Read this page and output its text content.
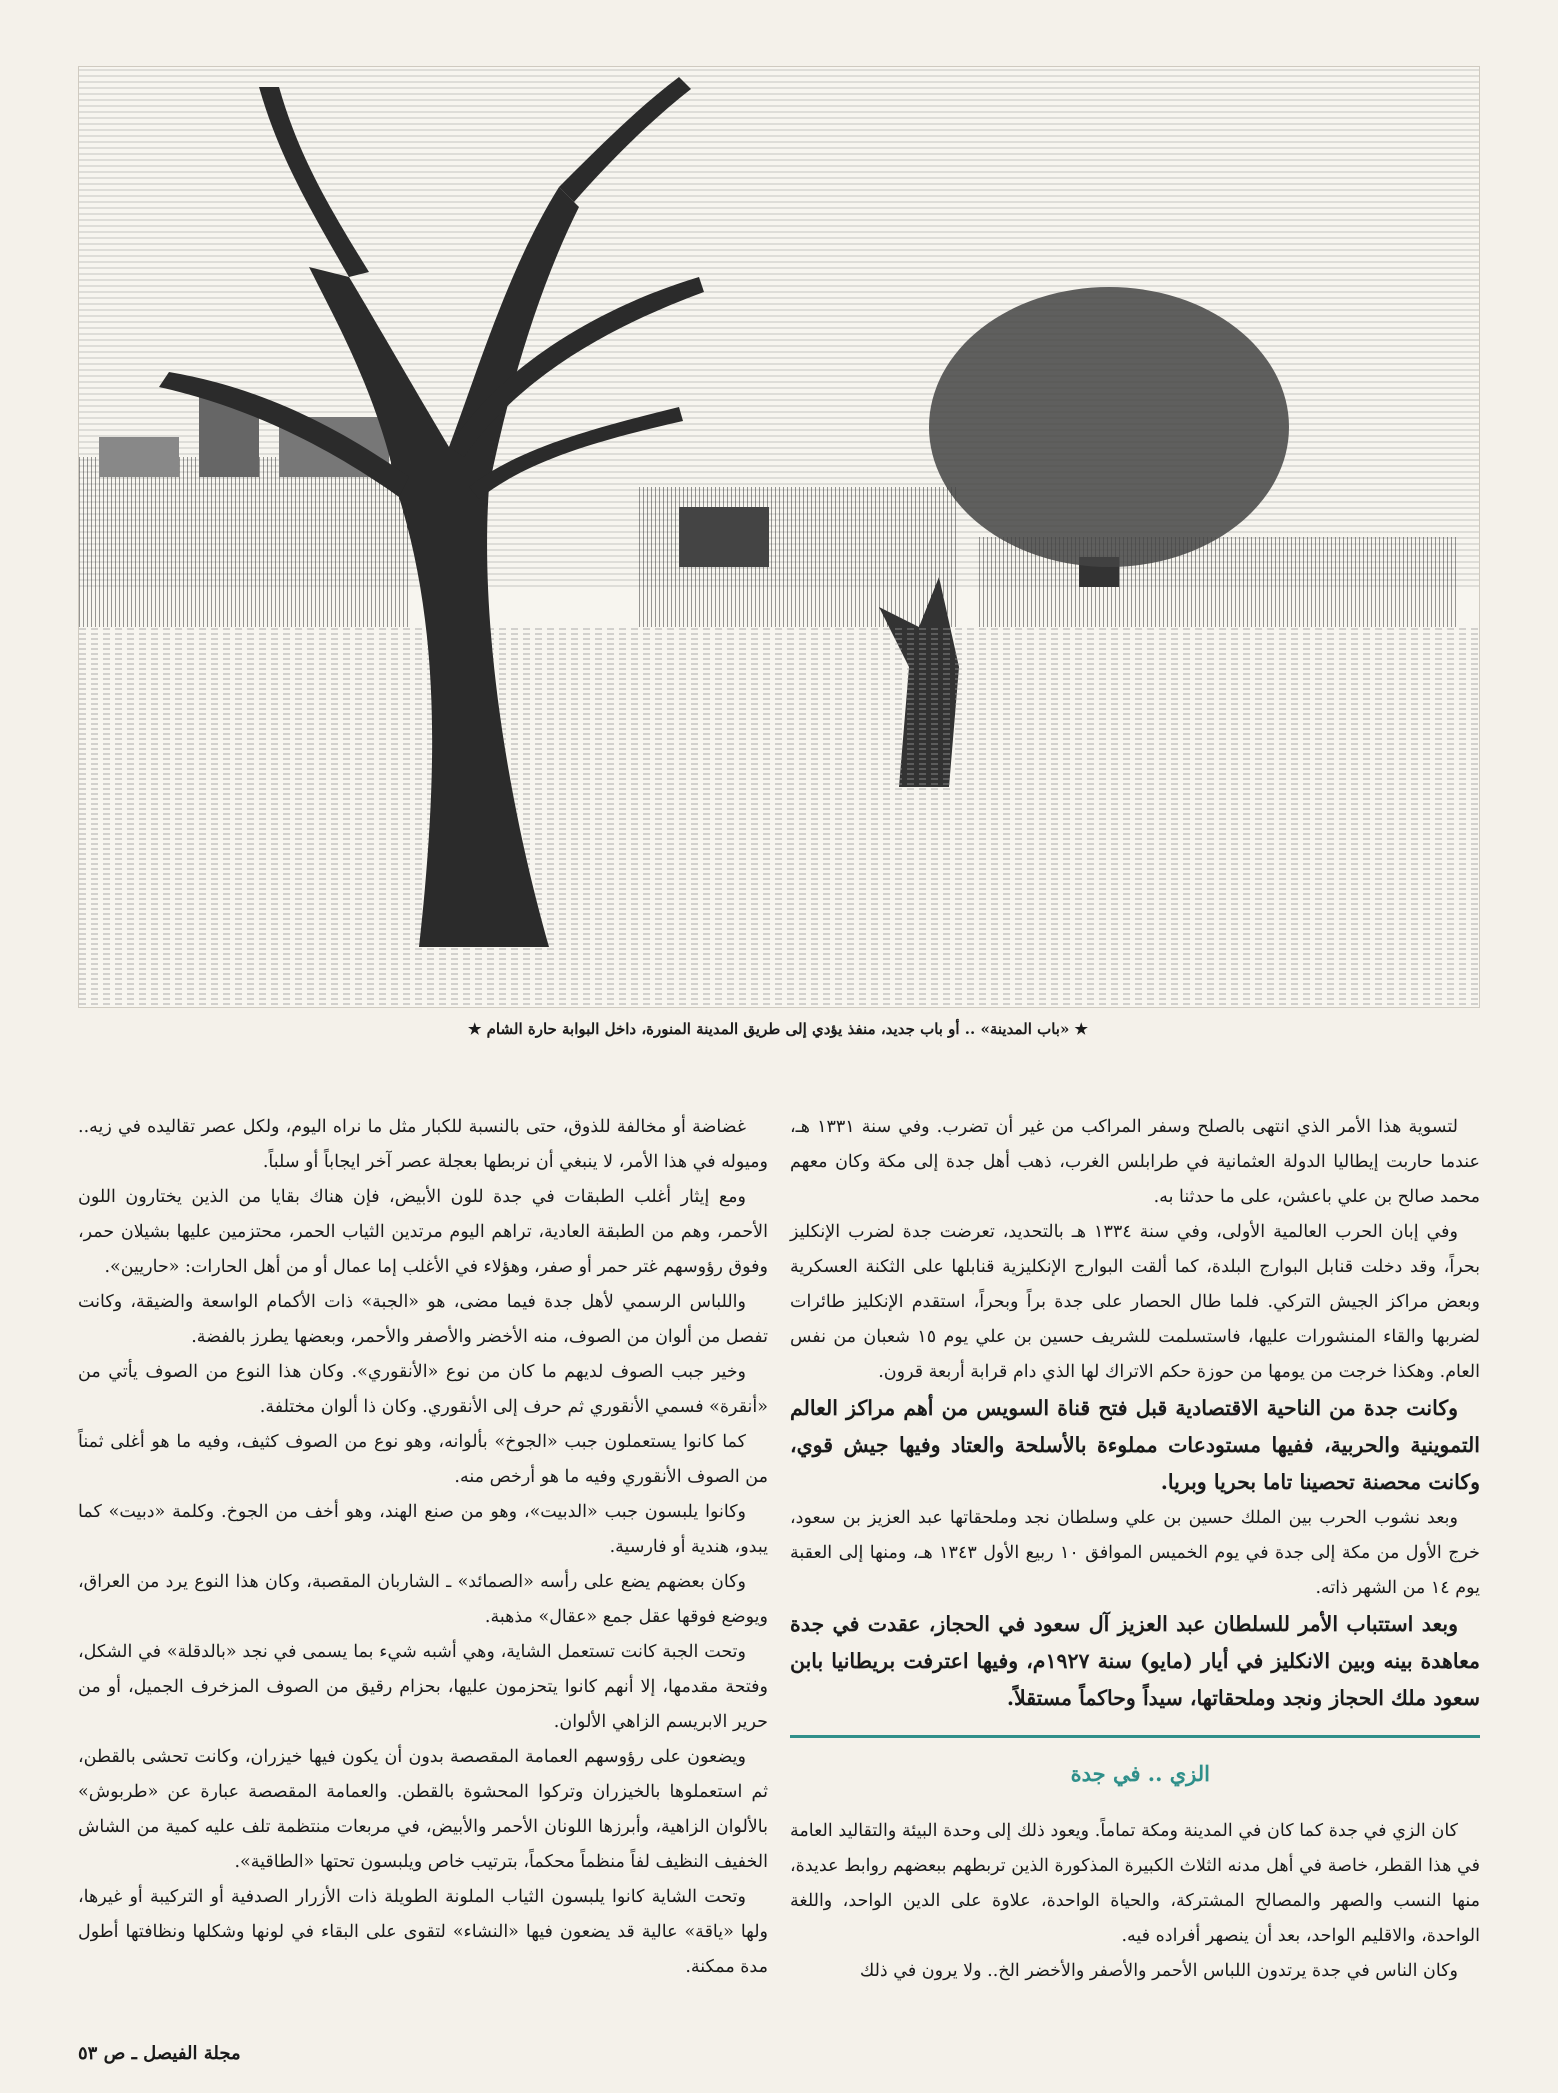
★ «باب المدينة» .. أو باب جديد، منفذ يؤدي إلى طريق المدينة المنورة، داخل البوابة حارة الشام ★

لتسوية هذا الأمر الذي انتهى بالصلح وسفر المراكب من غير أن تضرب. وفي سنة ١٣٣١ هـ، عندما حاربت إيطاليا الدولة العثمانية في طرابلس الغرب، ذهب أهل جدة إلى مكة وكان معهم محمد صالح بن علي باعشن، على ما حدثنا به.

وفي إبان الحرب العالمية الأولى، وفي سنة ١٣٣٤ هـ بالتحديد، تعرضت جدة لضرب الإنكليز بحراً، وقد دخلت قنابل البوارج البلدة، كما ألقت البوارج الإنكليزية قنابلها على الثكنة العسكرية وبعض مراكز الجيش التركي. فلما طال الحصار على جدة براً وبحراً، استقدم الإنكليز طائرات لضربها والقاء المنشورات عليها، فاستسلمت للشريف حسين بن علي يوم ١٥ شعبان من نفس العام. وهكذا خرجت من يومها من حوزة حكم الاتراك لها الذي دام قرابة أربعة قرون.

وكانت جدة من الناحية الاقتصادية قبل فتح قناة السويس من أهم مراكز العالم التموينية والحربية، ففيها مستودعات مملوءة بالأسلحة والعتاد وفيها جيش قوي، وكانت محصنة تحصينا تاما بحريا وبريا.

وبعد نشوب الحرب بين الملك حسين بن علي وسلطان نجد وملحقاتها عبد العزيز بن سعود، خرج الأول من مكة إلى جدة في يوم الخميس الموافق ١٠ ربيع الأول ١٣٤٣ هـ، ومنها إلى العقبة يوم ١٤ من الشهر ذاته.

وبعد استتباب الأمر للسلطان عبد العزيز آل سعود في الحجاز، عقدت في جدة معاهدة بينه وبين الانكليز في أيار (مايو) سنة ١٩٢٧م، وفيها اعترفت بريطانيا بابن سعود ملك الحجاز ونجد وملحقاتها، سيداً وحاكماً مستقلاً.

الزي .. في جدة

كان الزي في جدة كما كان في المدينة ومكة تماماً. ويعود ذلك إلى وحدة البيئة والتقاليد العامة في هذا القطر، خاصة في أهل مدنه الثلاث الكبيرة المذكورة الذين تربطهم ببعضهم روابط عديدة، منها النسب والصهر والمصالح المشتركة، والحياة الواحدة، علاوة على الدين الواحد، واللغة الواحدة، والاقليم الواحد، بعد أن ينصهر أفراده فيه.

وكان الناس في جدة يرتدون اللباس الأحمر والأصفر والأخضر الخ.. ولا يرون في ذلك

غضاضة أو مخالفة للذوق، حتى بالنسبة للكبار مثل ما نراه اليوم، ولكل عصر تقاليده في زيه.. وميوله في هذا الأمر، لا ينبغي أن نربطها بعجلة عصر آخر ايجاباً أو سلباً.

ومع إيثار أغلب الطبقات في جدة للون الأبيض، فإن هناك بقايا من الذين يختارون اللون الأحمر، وهم من الطبقة العادية، تراهم اليوم مرتدين الثياب الحمر، محتزمين عليها بشيلان حمر، وفوق رؤوسهم غتر حمر أو صفر، وهؤلاء في الأغلب إما عمال أو من أهل الحارات: «حاريين».

واللباس الرسمي لأهل جدة فيما مضى، هو «الجبة» ذات الأكمام الواسعة والضيقة، وكانت تفصل من ألوان من الصوف، منه الأخضر والأصفر والأحمر، وبعضها يطرز بالفضة.

وخير جبب الصوف لديهم ما كان من نوع «الأنقوري». وكان هذا النوع من الصوف يأتي من «أنقرة» فسمي الأنقوري ثم حرف إلى الأنقوري. وكان ذا ألوان مختلفة.

كما كانوا يستعملون جبب «الجوخ» بألوانه، وهو نوع من الصوف كثيف، وفيه ما هو أغلى ثمناً من الصوف الأنقوري وفيه ما هو أرخص منه.

وكانوا يلبسون جبب «الدبيت»، وهو من صنع الهند، وهو أخف من الجوخ. وكلمة «دبيت» كما يبدو، هندية أو فارسية.

وكان بعضهم يضع على رأسه «الصمائد» ـ الشاربان المقصبة، وكان هذا النوع يرد من العراق، ويوضع فوقها عقل جمع «عقال» مذهبة.

وتحت الجبة كانت تستعمل الشاية، وهي أشبه شيء بما يسمى في نجد «بالدقلة» في الشكل، وفتحة مقدمها، إلا أنهم كانوا يتحزمون عليها، بحزام رقيق من الصوف المزخرف الجميل، أو من حرير الابريسم الزاهي الألوان.

ويضعون على رؤوسهم العمامة المقصصة بدون أن يكون فيها خيزران، وكانت تحشى بالقطن، ثم استعملوها بالخيزران وتركوا المحشوة بالقطن. والعمامة المقصصة عبارة عن «طربوش» بالألوان الزاهية، وأبرزها اللونان الأحمر والأبيض، في مربعات منتظمة تلف عليه كمية من الشاش الخفيف النظيف لفاً منظماً محكماً، بترتيب خاص ويلبسون تحتها «الطاقية».

وتحت الشاية كانوا يلبسون الثياب الملونة الطويلة ذات الأزرار الصدفية أو التركيبة أو غيرها، ولها «ياقة» عالية قد يضعون فيها «النشاء» لتقوى على البقاء في لونها وشكلها ونظافتها أطول مدة ممكنة.

مجلة الفيصل ـ ص ٥٣
